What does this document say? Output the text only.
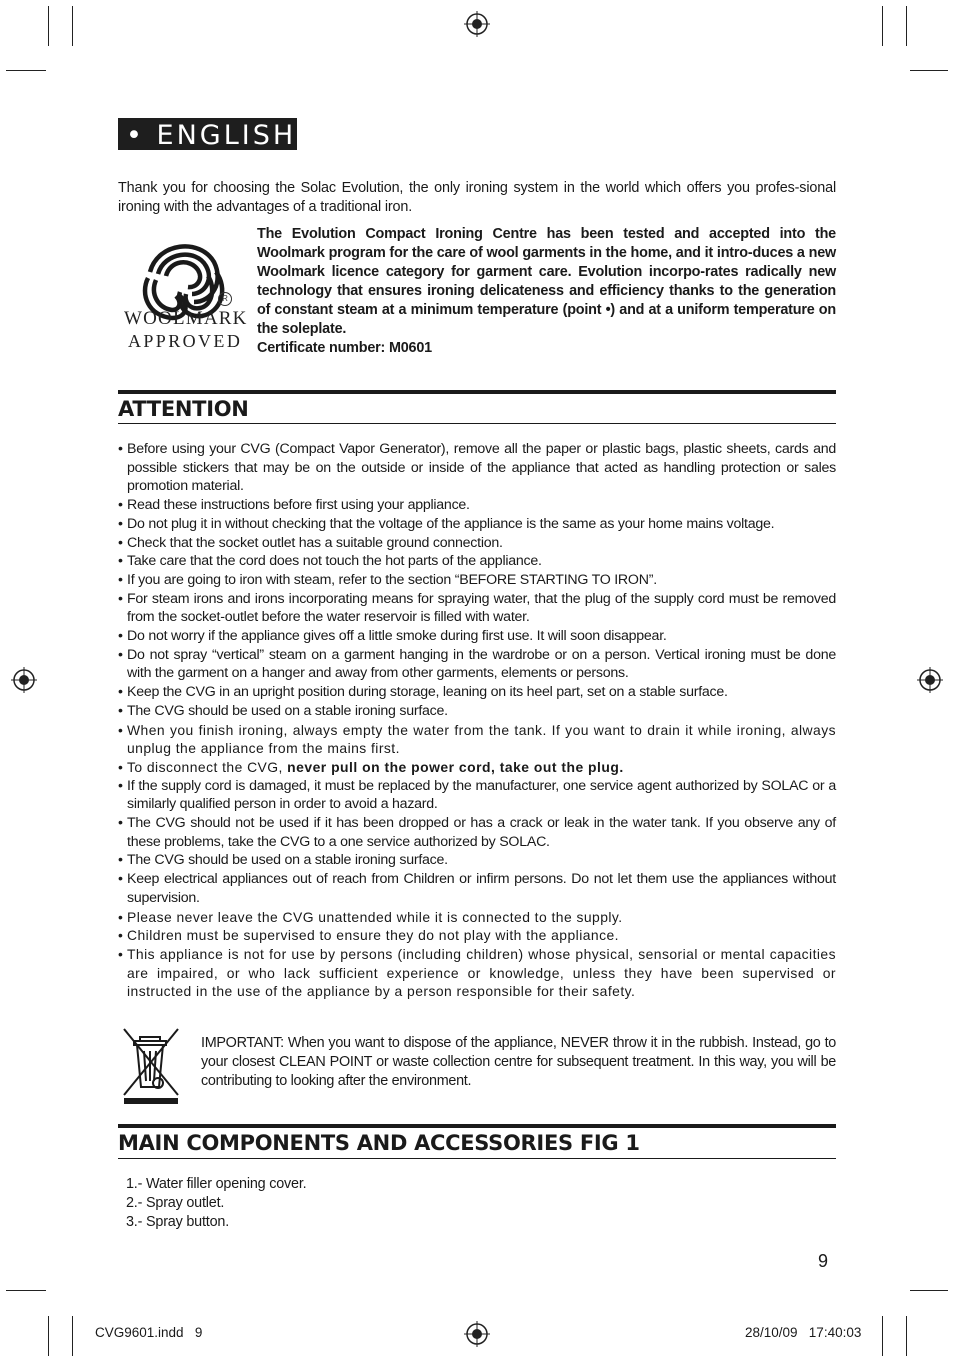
• ENGLISH
Thank you for choosing the Solac Evolution, the only ironing system in the world which offers you profes-sional ironing with the advantages of a traditional iron.
R
WOOLMARK
APPROVED
The Evolution Compact Ironing Centre has been tested and accepted into the Woolmark program for the care of wool garments in the home, and it intro-duces a new Woolmark licence category for garment care. Evolution incorpo-rates radically new technology that ensures ironing delicateness and efficiency thanks to the generation of constant steam at a minimum temperature (point •) and at a uniform temperature on the soleplate.
Certificate number: M0601
ATTENTION
• Before using your CVG (Compact Vapor Generator), remove all the paper or plastic bags, plastic sheets, cards and possible stickers that may be on the outside or inside of the appliance that acted as handling protection or sales promotion material.
• Read these instructions before first using your appliance.
• Do not plug it in without checking that the voltage of the appliance is the same as your home mains voltage.
• Check that the socket outlet has a suitable ground connection.
• Take care that the cord does not touch the hot parts of the appliance.
• If you are going to iron with steam, refer to the section “BEFORE STARTING TO IRON”.
• For steam irons and irons incorporating means for spraying water, that the plug of the supply cord must be removed from the socket-outlet before the water reservoir is filled with water.
• Do not worry if the appliance gives off a little smoke during first use. It will soon disappear.
• Do not spray “vertical” steam on a garment hanging in the wardrobe or on a person. Vertical ironing must be done with the garment on a hanger and away from other garments, elements or persons.
• Keep the CVG in an upright position during storage, leaning on its heel part, set on a stable surface.
• The CVG should be used on a stable ironing surface.
• When you finish ironing, always empty the water from the tank. If you want to drain it while ironing, always unplug the appliance from the mains first.
• To disconnect the CVG, never pull on the power cord, take out the plug.
• If the supply cord is damaged, it must be replaced by the manufacturer, one service agent authorized by SOLAC or a similarly qualified person in order to avoid a hazard.
• The CVG should not be used if it has been dropped or has a crack or leak in the water tank. If you observe any of these problems, take the CVG to a one service authorized by SOLAC.
• The CVG should be used on a stable ironing surface.
• Keep electrical appliances out of reach from Children or infirm persons. Do not let them use the appliances without supervision.
• Please never leave the CVG unattended while it is connected to the supply.
• Children must be supervised to ensure they do not play with the appliance.
• This appliance is not for use by persons (including children) whose physical, sensorial or mental capacities are impaired, or who lack sufficient experience or knowledge, unless they have been supervised or instructed in the use of the appliance by a person responsible for their safety.
IMPORTANT: When you want to dispose of the appliance, NEVER throw it in the rubbish. Instead, go to your closest CLEAN POINT or waste collection centre for subsequent treatment. In this way, you will be contributing to looking after the environment.
MAIN COMPONENTS AND ACCESSORIES FIG 1
1.- Water filler opening cover.
2.- Spray outlet.
3.- Spray button.
9
CVG9601.indd   9	28/10/09   17:40:03
